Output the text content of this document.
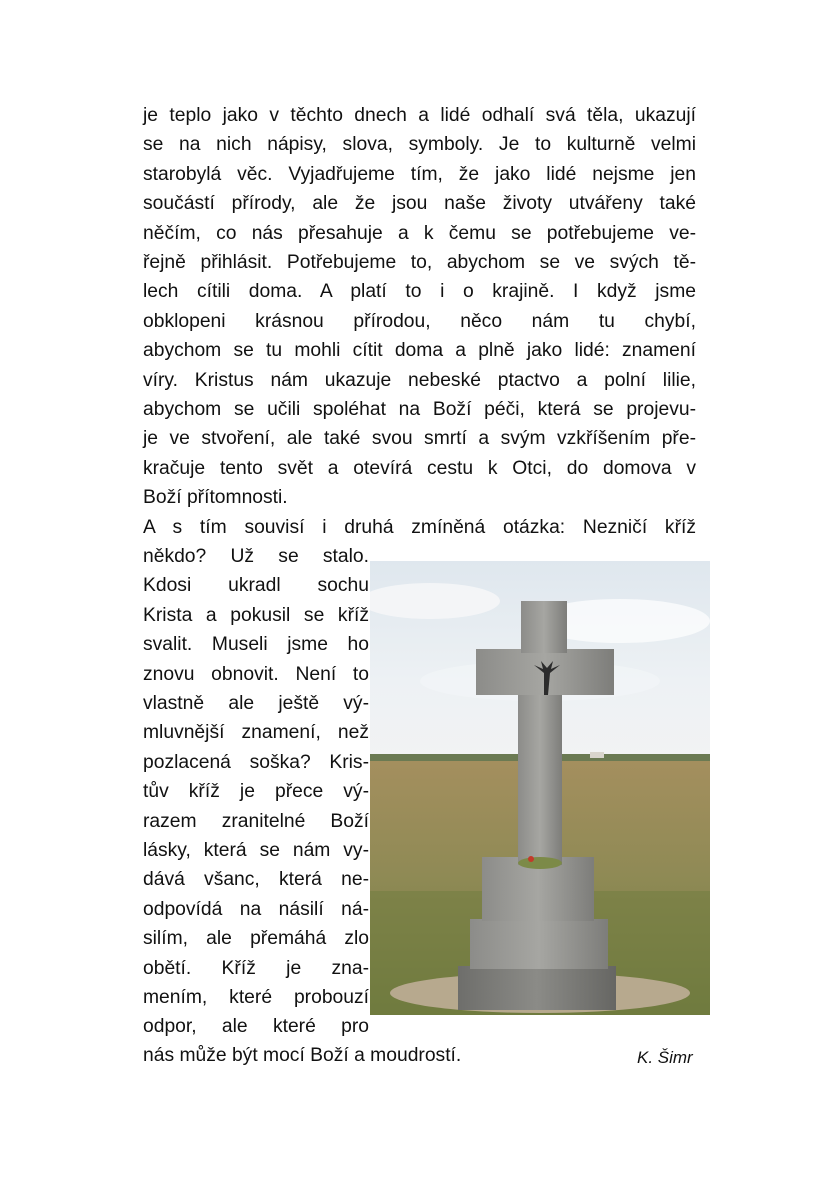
je teplo jako v těchto dnech a lidé odhalí svá těla, ukazují
se na nich nápisy, slova, symboly. Je to kulturně velmi
starobylá věc. Vyjadřujeme tím, že jako lidé nejsme jen
součástí přírody, ale že jsou naše životy utvářeny také
něčím, co nás přesahuje a k čemu se potřebujeme ve-
řejně přihlásit. Potřebujeme to, abychom se ve svých tě-
lech cítili doma. A platí to i o krajině. I když jsme
obklopeni krásnou přírodou, něco nám tu chybí,
abychom se tu mohli cítit doma a plně jako lidé: znamení
víry. Kristus nám ukazuje nebeské ptactvo a polní lilie,
abychom se učili spoléhat na Boží péči, která se projevu-
je ve stvoření, ale také svou smrtí a svým vzkříšením pře-
kračuje tento svět a otevírá cestu k Otci, do domova v
Boží přítomnosti.
A s tím souvisí i druhá zmíněná otázka: Nezničí kříž
někdo? Už se stalo.
Kdosi ukradl sochu
Krista a pokusil se kříž
svalit. Museli jsme ho
znovu obnovit. Není to
vlastně ale ještě vý-
mluvnější znamení, než
pozlacená soška? Kris-
tův kříž je přece vý-
razem zranitelné Boží
lásky, která se nám vy-
dává všanc, která ne-
odpovídá na násilí ná-
silím, ale přemáhá zlo
obětí. Kříž je zna-
mením, které probouzí
odpor, ale které pro
nás může být mocí Boží a moudrostí.	K. Šimr
